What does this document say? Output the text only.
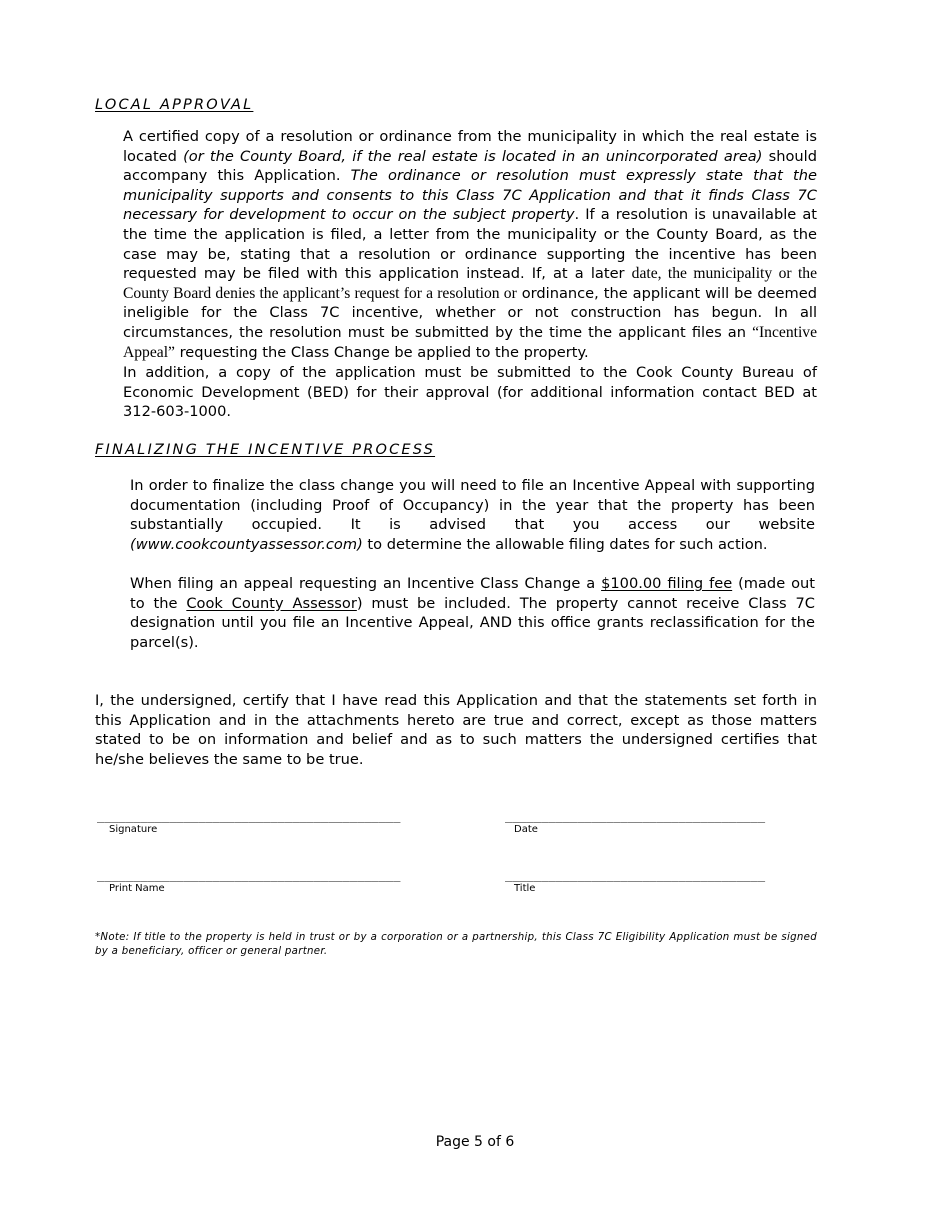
LOCAL APPROVAL
A certified copy of a resolution or ordinance from the municipality in which the real estate is located (or the County Board, if the real estate is located in an unincorporated area) should accompany this Application. The ordinance or resolution must expressly state that the municipality supports and consents to this Class 7C Application and that it finds Class 7C necessary for development to occur on the subject property. If a resolution is unavailable at the time the application is filed, a letter from the municipality or the County Board, as the case may be, stating that a resolution or ordinance supporting the incentive has been requested may be filed with this application instead. If, at a later date, the municipality or the County Board denies the applicant’s request for a resolution or ordinance, the applicant will be deemed ineligible for the Class 7C incentive, whether or not construction has begun. In all circumstances, the resolution must be submitted by the time the applicant files an “Incentive Appeal” requesting the Class Change be applied to the property.
In addition, a copy of the application must be submitted to the Cook County Bureau of Economic Development (BED) for their approval (for additional information contact BED at 312-603-1000.
FINALIZING THE INCENTIVE PROCESS
In order to finalize the class change you will need to file an Incentive Appeal with supporting documentation (including Proof of Occupancy) in the year that the property has been substantially occupied. It is advised that you access our website (www.cookcountyassessor.com) to determine the allowable filing dates for such action.
When filing an appeal requesting an Incentive Class Change a $100.00 filing fee (made out to the Cook County Assessor) must be included. The property cannot receive Class 7C designation until you file an Incentive Appeal, AND this office grants reclassification for the parcel(s).
I, the undersigned, certify that I have read this Application and that the statements set forth in this Application and in the attachments hereto are true and correct, except as those matters stated to be on information and belief and as to such matters the undersigned certifies that he/she believes the same to be true.
__________________________________________
Signature
____________________________________
Date
__________________________________________
Print Name
____________________________________
Title
*Note: If title to the property is held in trust or by a corporation or a partnership, this Class 7C Eligibility Application must be signed by a beneficiary, officer or general partner.
Page 5 of 6
